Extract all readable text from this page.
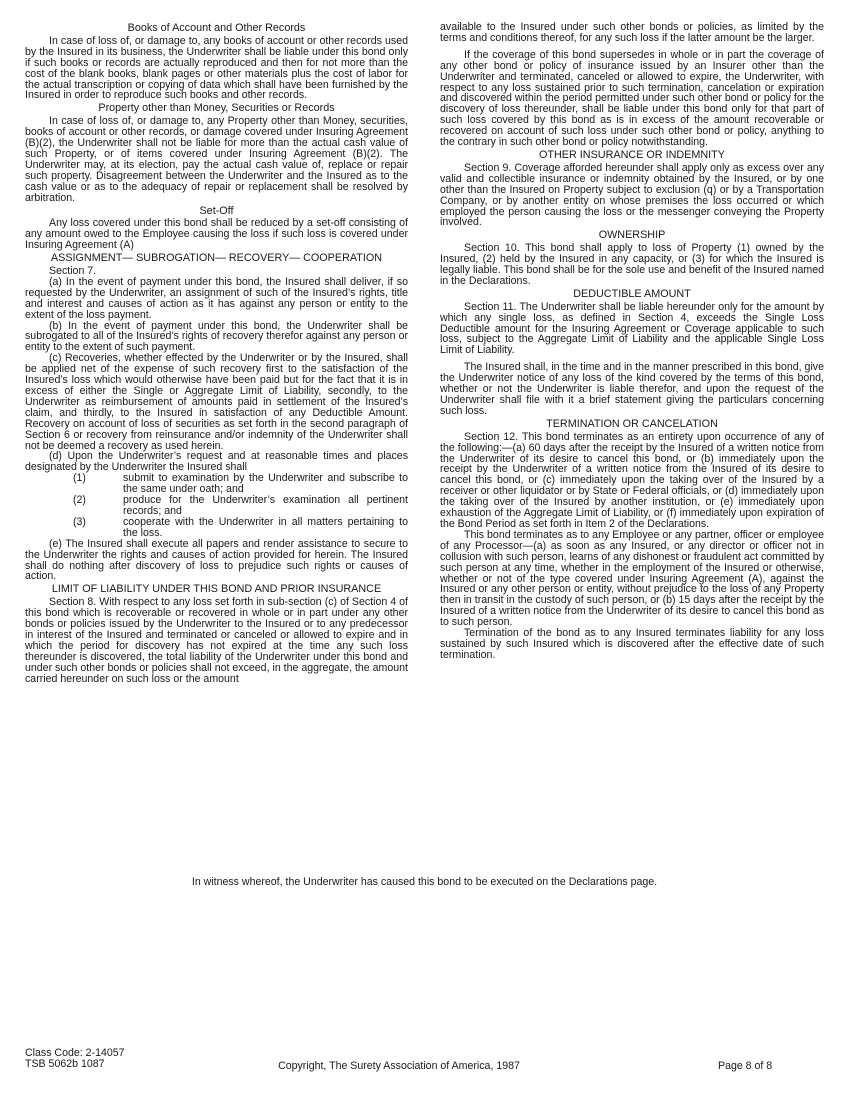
Books of Account and Other Records
In case of loss of, or damage to, any books of account or other records used by the Insured in its business, the Underwriter shall be liable under this bond only if such books or records are actually reproduced and then for not more than the cost of the blank books, blank pages or other materials plus the cost of labor for the actual transcription or copying of data which shall have been furnished by the Insured in order to reproduce such books and other records.
Property other than Money, Securities or Records
In case of loss of, or damage to, any Property other than Money, securities, books of account or other records, or damage covered under Insuring Agreement (B)(2), the Underwriter shall not be liable for more than the actual cash value of such Property, or of items covered under Insuring Agreement (B)(2). The Underwriter may, at its election, pay the actual cash value of, replace or repair such property. Disagreement between the Underwriter and the Insured as to the cash value or as to the adequacy of repair or replacement shall be resolved by arbitration.
Set-Off
Any loss covered under this bond shall be reduced by a set-off consisting of any amount owed to the Employee causing the loss if such loss is covered under Insuring Agreement (A)
ASSIGNMENT— SUBROGATION— RECOVERY— COOPERATION
Section 7.
(a) In the event of payment under this bond, the Insured shall deliver, if so requested by the Underwriter, an assignment of such of the Insured’s rights, title and interest and causes of action as it has against any person or entity to the extent of the loss payment.
(b) In the event of payment under this bond, the Underwriter shall be subrogated to all of the Insured’s rights of recovery therefor against any person or entity to the extent of such payment.
(c) Recoveries, whether effected by the Underwriter or by the Insured, shall be applied net of the expense of such recovery first to the satisfaction of the Insured’s loss which would otherwise have been paid but for the fact that it is in excess of either the Single or Aggregate Limit of Liability, secondly, to the Underwriter as reimbursement of amounts paid in settlement of the Insured’s claim, and thirdly, to the Insured in satisfaction of any Deductible Amount. Recovery on account of loss of securities as set forth in the second paragraph of Section 6 or recovery from reinsurance and/or indemnity of the Underwriter shall not be deemed a recovery as used herein.
(d) Upon the Underwriter’s request and at reasonable times and places designated by the Underwriter the Insured shall
(1)	submit to examination by the Underwriter and subscribe to the same under oath; and
(2)	produce for the Underwriter’s examination all pertinent records; and
(3)	cooperate with the Underwriter in all matters pertaining to the loss.
(e) The Insured shall execute all papers and render assistance to secure to the Underwriter the rights and causes of action provided for herein. The Insured shall do nothing after discovery of loss to prejudice such rights or causes of action.
LIMIT OF LIABILITY UNDER THIS BOND AND PRIOR INSURANCE
Section 8. With respect to any loss set forth in sub-section (c) of Section 4 of this bond which is recoverable or recovered in whole or in part under any other bonds or policies issued by the Underwriter to the Insured or to any predecessor in interest of the Insured and terminated or canceled or allowed to expire and in which the period for discovery has not expired at the time any such loss thereunder is discovered, the total liability of the Underwriter under this bond and under such other bonds or policies shall not exceed, in the aggregate, the amount carried hereunder on such loss or the amount
available to the Insured under such other bonds or policies, as limited by the terms and conditions thereof, for any such loss if the latter amount be the larger.
If the coverage of this bond supersedes in whole or in part the coverage of any other bond or policy of insurance issued by an Insurer other than the Underwriter and terminated, canceled or allowed to expire, the Underwriter, with respect to any loss sustained prior to such termination, cancelation or expiration and discovered within the period permitted under such other bond or policy for the discovery of loss thereunder, shall be liable under this bond only for that part of such loss covered by this bond as is in excess of the amount recoverable or recovered on account of such loss under such other bond or policy, anything to the contrary in such other bond or policy notwithstanding.
OTHER INSURANCE OR INDEMNITY
Section 9. Coverage afforded hereunder shall apply only as excess over any valid and collectible insurance or indemnity obtained by the Insured, or by one other than the Insured on Property subject to exclusion (q) or by a Transportation Company, or by another entity on whose premises the loss occurred or which employed the person causing the loss or the messenger conveying the Property involved.
OWNERSHIP
Section 10. This bond shall apply to loss of Property (1) owned by the Insured, (2) held by the Insured in any capacity, or (3) for which the Insured is legally liable. This bond shall be for the sole use and benefit of the Insured named in the Declarations.
DEDUCTIBLE AMOUNT
Section 11. The Underwriter shall be liable hereunder only for the amount by which any single loss, as defined in Section 4, exceeds the Single Loss Deductible amount for the Insuring Agreement or Coverage applicable to such loss, subject to the Aggregate Limit of Liability and the applicable Single Loss Limit of Liability.
The Insured shall, in the time and in the manner prescribed in this bond, give the Underwriter notice of any loss of the kind covered by the terms of this bond, whether or not the Underwriter is liable therefor, and upon the request of the Underwriter shall file with it a brief statement giving the particulars concerning such loss.
TERMINATION OR CANCELATION
Section 12. This bond terminates as an entirety upon occurrence of any of the following:—(a) 60 days after the receipt by the Insured of a written notice from the Underwriter of its desire to cancel this bond, or (b) immediately upon the receipt by the Underwriter of a written notice from the Insured of its desire to cancel this bond, or (c) immediately upon the taking over of the Insured by a receiver or other liquidator or by State or Federal officials, or (d) immediately upon the taking over of the Insured by another institution, or (e) immediately upon exhaustion of the Aggregate Limit of Liability, or (f) immediately upon expiration of the Bond Period as set forth in Item 2 of the Declarations.
This bond terminates as to any Employee or any partner, officer or employee of any Processor—(a) as soon as any Insured, or any director or officer not in collusion with such person, learns of any dishonest or fraudulent act committed by such person at any time, whether in the employment of the Insured or otherwise, whether or not of the type covered under Insuring Agreement (A), against the Insured or any other person or entity, without prejudice to the loss of any Property then in transit in the custody of such person, or (b) 15 days after the receipt by the Insured of a written notice from the Underwriter of its desire to cancel this bond as to such person.
Termination of the bond as to any Insured terminates liability for any loss sustained by such Insured which is discovered after the effective date of such termination.
In witness whereof, the Underwriter has caused this bond to be executed on the Declarations page.
Class Code: 2-14057
TSB 5062b 1087	Copyright, The Surety Association of America, 1987	Page 8 of 8
